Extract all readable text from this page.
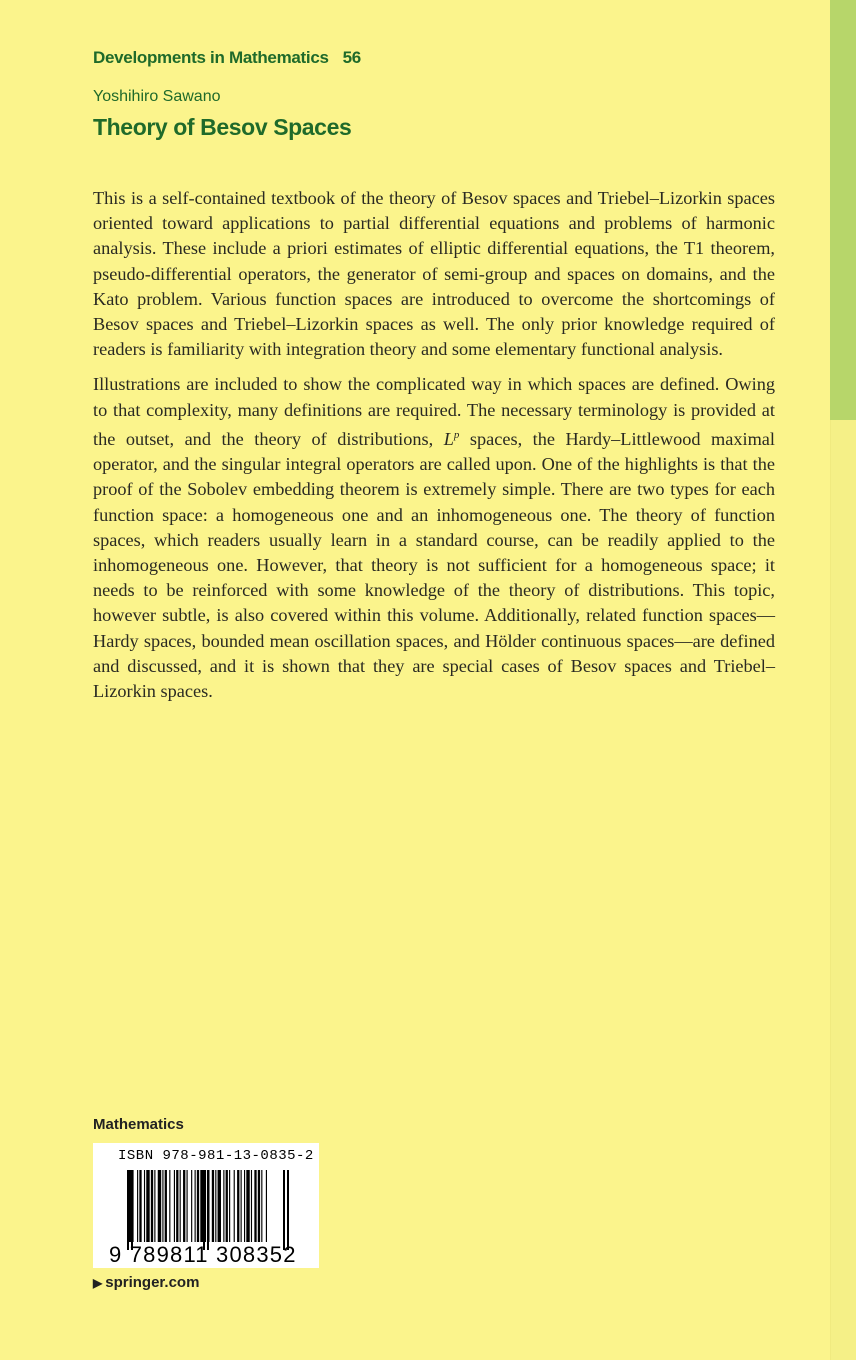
Developments in Mathematics 56
Yoshihiro Sawano
Theory of Besov Spaces

This is a self-contained textbook of the theory of Besov spaces and Triebel–Lizorkin spaces oriented toward applications to partial differential equations and problems of harmonic analysis. These include a priori estimates of elliptic differential equations, the T1 theorem, pseudo-differential operators, the generator of semi-group and spaces on domains, and the Kato problem. Various function spaces are introduced to overcome the shortcomings of Besov spaces and Triebel–Lizorkin spaces as well. The only prior knowledge required of readers is familiarity with integration theory and some elementary functional analysis.

Illustrations are included to show the complicated way in which spaces are defined. Owing to that complexity, many definitions are required. The necessary terminology is provided at the outset, and the theory of distributions, $L^p$ spaces, the Hardy–Littlewood maximal operator, and the singular integral operators are called upon. One of the highlights is that the proof of the Sobolev embedding theorem is extremely simple. There are two types for each function space: a homogeneous one and an inhomogeneous one. The theory of function spaces, which readers usually learn in a standard course, can be readily applied to the inhomogeneous one. However, that theory is not sufficient for a homogeneous space; it needs to be reinforced with some knowledge of the theory of distributions. This topic, however subtle, is also covered within this volume. Additionally, related function spaces—Hardy spaces, bounded mean oscillation spaces, and Hölder continuous spaces—are defined and discussed, and it is shown that they are special cases of Besov spaces and Triebel–Lizorkin spaces.

Mathematics
ISBN 978-981-13-0835-2
9 789811 308352
▶ springer.com
